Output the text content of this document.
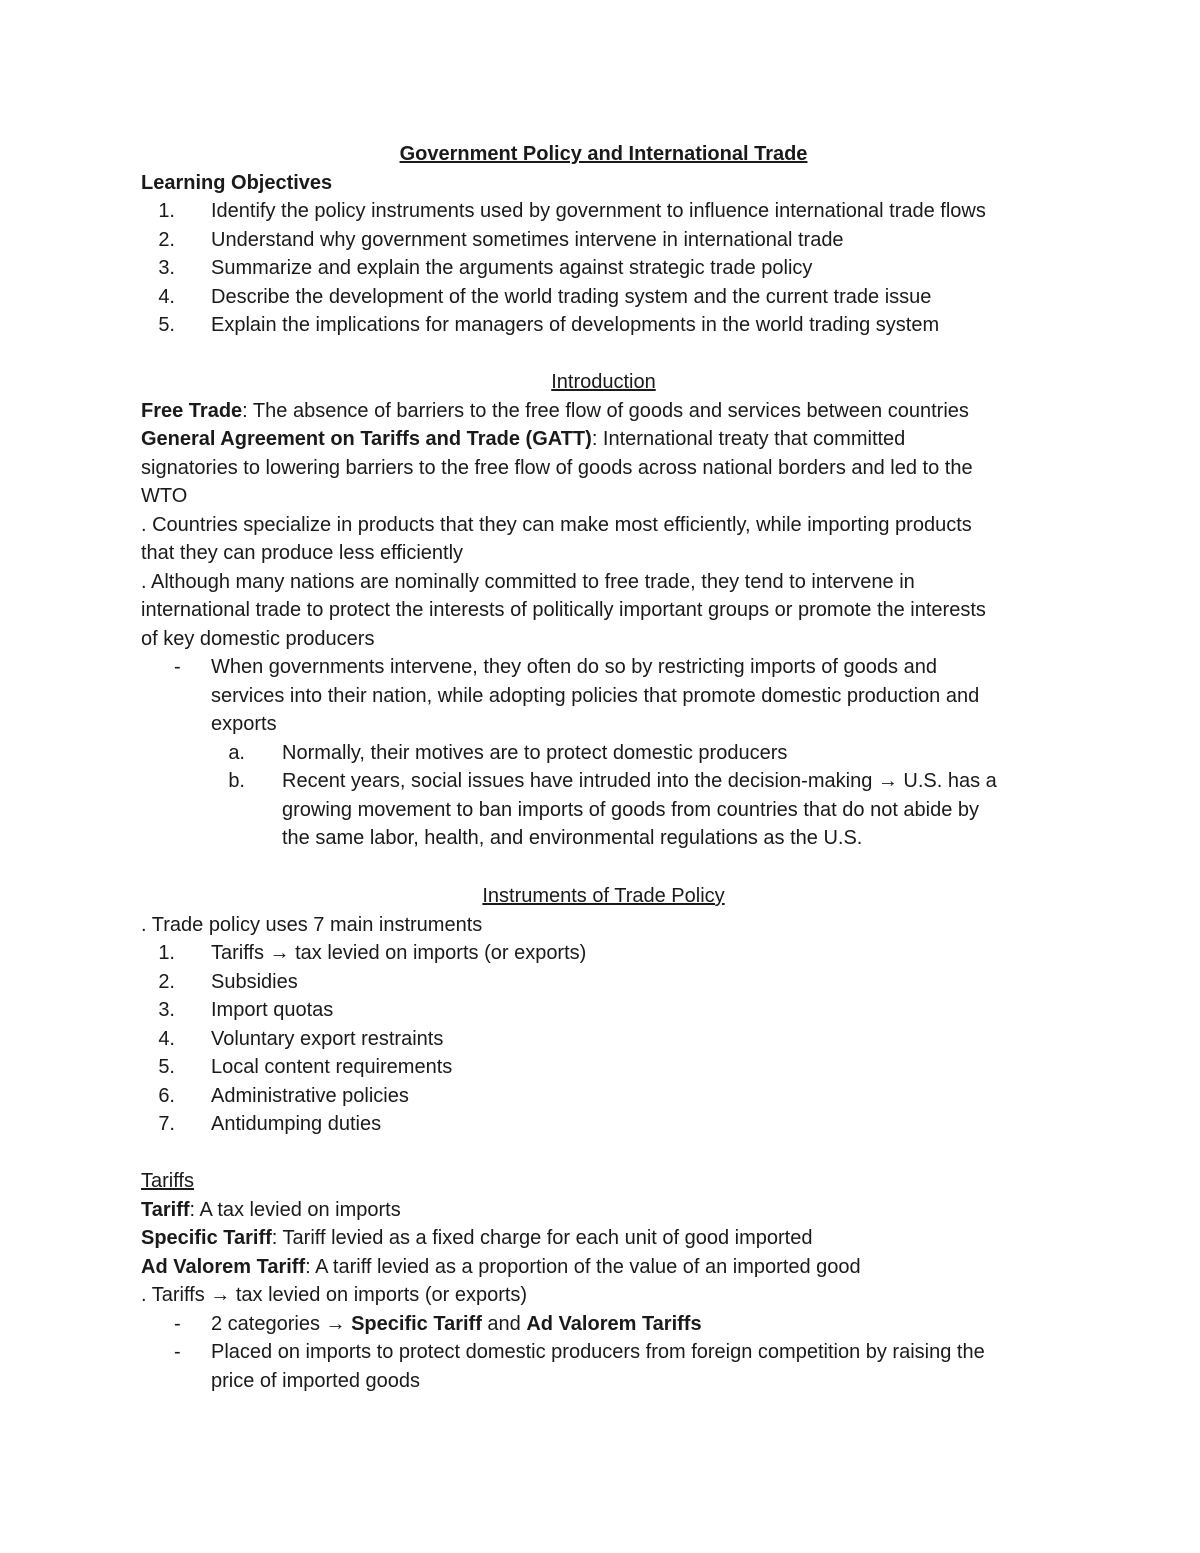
Government Policy and International Trade
Learning Objectives
1. Identify the policy instruments used by government to influence international trade flows
2. Understand why government sometimes intervene in international trade
3. Summarize and explain the arguments against strategic trade policy
4. Describe the development of the world trading system and the current trade issue
5. Explain the implications for managers of developments in the world trading system
Introduction
Free Trade: The absence of barriers to the free flow of goods and services between countries
General Agreement on Tariffs and Trade (GATT): International treaty that committed
signatories to lowering barriers to the free flow of goods across national borders and led to the
WTO
. Countries specialize in products that they can make most efficiently, while importing products
that they can produce less efficiently
. Although many nations are nominally committed to free trade, they tend to intervene in
international trade to protect the interests of politically important groups or promote the interests
of key domestic producers
- When governments intervene, they often do so by restricting imports of goods and
services into their nation, while adopting policies that promote domestic production and
exports
a. Normally, their motives are to protect domestic producers
b. Recent years, social issues have intruded into the decision-making → U.S. has a
growing movement to ban imports of goods from countries that do not abide by
the same labor, health, and environmental regulations as the U.S.
Instruments of Trade Policy
. Trade policy uses 7 main instruments
1. Tariffs → tax levied on imports (or exports)
2. Subsidies
3. Import quotas
4. Voluntary export restraints
5. Local content requirements
6. Administrative policies
7. Antidumping duties
Tariffs
Tariff: A tax levied on imports
Specific Tariff: Tariff levied as a fixed charge for each unit of good imported
Ad Valorem Tariff: A tariff levied as a proportion of the value of an imported good
. Tariffs → tax levied on imports (or exports)
- 2 categories → Specific Tariff and Ad Valorem Tariffs
- Placed on imports to protect domestic producers from foreign competition by raising the
price of imported goods
